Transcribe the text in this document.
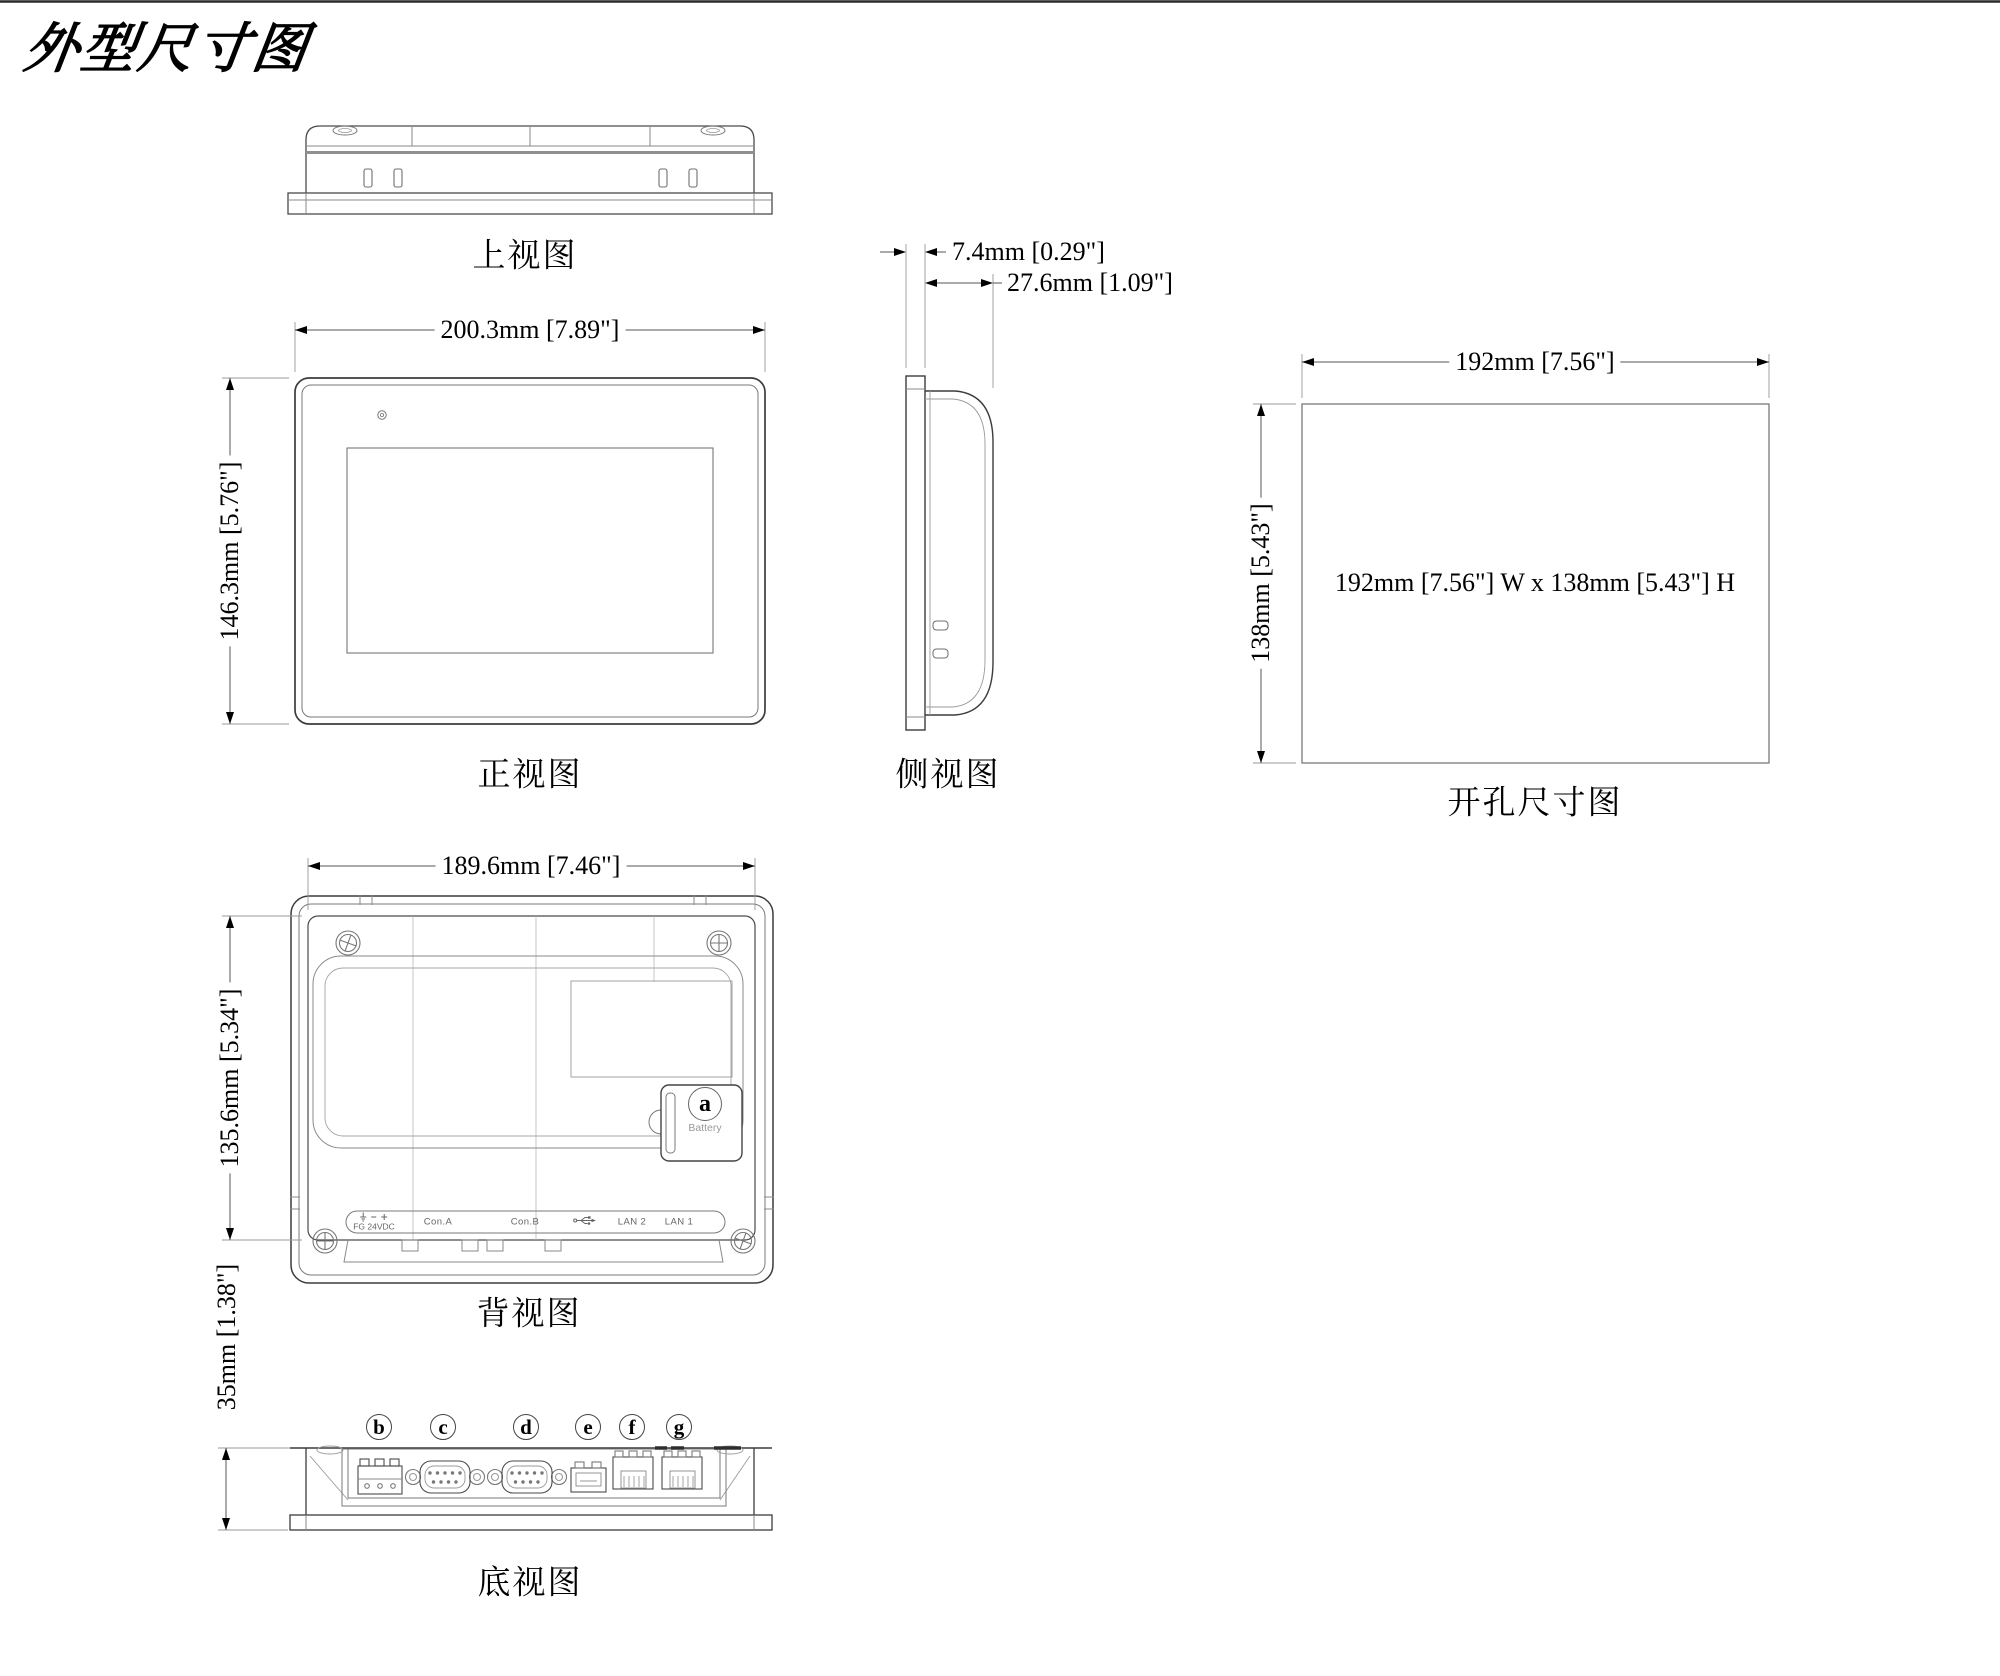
外型尺寸图
上视图
正视图	侧视图
开孔尺寸图
背视图
底视图
200.3mm [7.89"]
146.3mm [5.76"]
7.4mm [0.29"]
27.6mm [1.09"]
192mm [7.56"]
138mm [5.43"] 192mm [7.56"] W x 138mm [5.43"] H
189.6mm [7.46"]
135.6mm [5.34"]
35mm [1.38"]
a
Battery
FG 24VDC	Con.A	Con.B	LAN 2 LAN 1
b	c	d	e	f	g
